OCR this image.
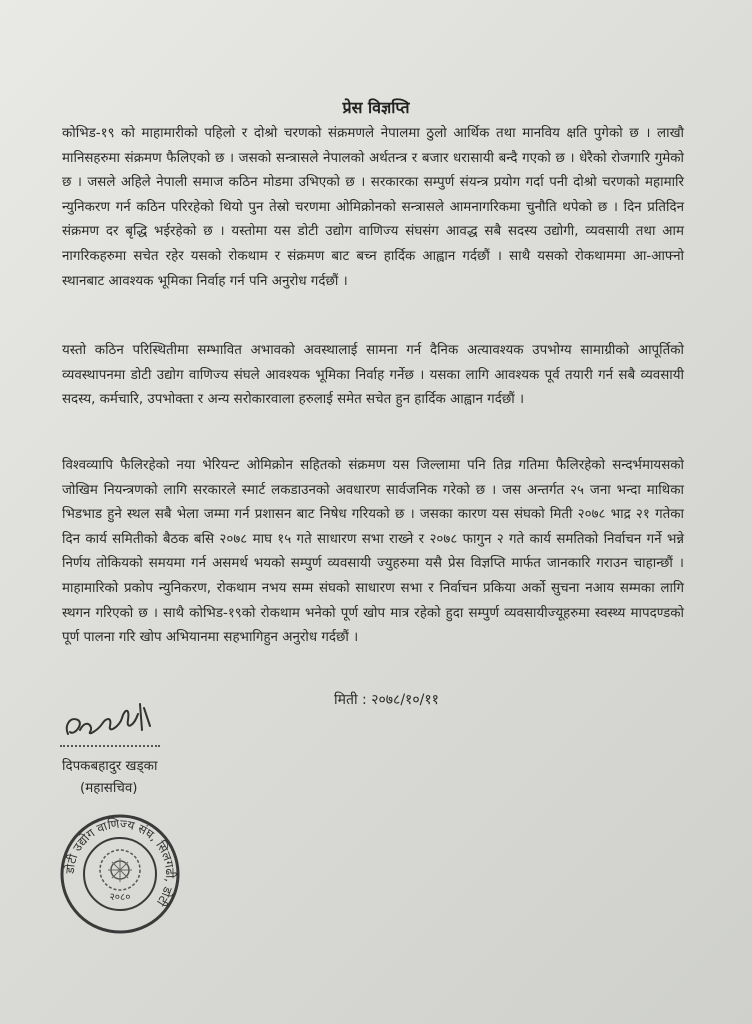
प्रेस विज्ञप्ति

कोभिड-१९ को माहामारीको पहिलो र दोश्रो चरणको संक्रमणले नेपालमा ठुलो आर्थिक तथा मानविय क्षति पुगेको छ । लाखौ मानिसहरुमा संक्रमण फैलिएको छ । जसको सन्त्रासले नेपालको अर्थतन्त्र र बजार धरासायी बन्दै गएको छ । धेरैको रोजगारि गुमेको छ । जसले अहिले नेपाली समाज कठिन मोडमा उभिएको छ । सरकारका सम्पुर्ण संयन्त्र प्रयोग गर्दा पनी दोश्रो चरणको महामारि न्युनिकरण गर्न कठिन परिरहेको थियो पुन तेस्रो चरणमा ओमिक्रोनको सन्त्रासले आमनागरिकमा चुनौति थपेको छ । दिन प्रतिदिन संक्रमण दर बृद्धि भईरहेको छ । यस्तोमा यस डोटी उद्योग वाणिज्य संघसंग आवद्ध सबै सदस्य उद्योगी, व्यवसायी तथा आम नागरिकहरुमा सचेत रहेर यसको रोकथाम र संक्रमण बाट बच्न हार्दिक आह्वान गर्दछौं । साथै यसको रोकथाममा आ-आफ्नो स्थानबाट आवश्यक भूमिका निर्वाह गर्न पनि अनुरोध गर्दछौं ।

यस्तो कठिन परिस्थितीमा सम्भावित अभावको अवस्थालाई सामना गर्न दैनिक अत्यावश्यक उपभोग्य सामाग्रीको आपूर्तिको व्यवस्थापनमा डोटी उद्योग वाणिज्य संघले आवश्यक भूमिका निर्वाह गर्नेछ । यसका लागि आवश्यक पूर्व तयारी गर्न सबै व्यवसायी सदस्य, कर्मचारि, उपभोक्ता र अन्य सरोकारवाला हरुलाई समेत सचेत हुन हार्दिक आह्वान गर्दछौं ।

विश्वव्यापि फैलिरहेको नया भेरियन्ट ओमिक्रोन सहितको संक्रमण यस जिल्लामा पनि तिव्र गतिमा फैलिरहेको सन्दर्भमायसको जोखिम नियन्त्रणको लागि सरकारले स्मार्ट लकडाउनको अवधारण सार्वजनिक गरेको छ । जस अन्तर्गत २५ जना भन्दा माथिका भिडभाड हुने स्थल सबै भेला जम्मा गर्न प्रशासन बाट निषेध गरियको छ । जसका कारण यस संघको मिती २०७८ भाद्र २१ गतेका दिन कार्य समितीको बैठक बसि २०७८ माघ १५ गते साधारण सभा राख्ने र २०७८ फागुन २ गते कार्य समतिको निर्वाचन गर्ने भन्ने निर्णय तोकियको समयमा गर्न असमर्थ भयको सम्पुर्ण व्यवसायी ज्युहरुमा यसै प्रेस विज्ञप्ति मार्फत जानकारि गराउन चाहान्छौं । माहामारिको प्रकोप न्युनिकरण, रोकथाम नभय सम्म संघको साधारण सभा र निर्वाचन प्रकिया अर्को सुचना नआय सम्मका लागि स्थगन गरिएको छ । साथै कोभिड-१९को रोकथाम भनेको पूर्ण खोप मात्र रहेको हुदा सम्पुर्ण व्यवसायीज्यूहरुमा स्वस्थ्य मापदण्डको पूर्ण पालना गरि खोप अभियानमा सहभागिहुन अनुरोध गर्दछौं ।

मिती : २०७८/१०/११
दिपकबहादुर खड्का
(महासचिव)
डोटी उद्योग वाणिज्य संघ, सिलगढी, डोटी
२०८०
